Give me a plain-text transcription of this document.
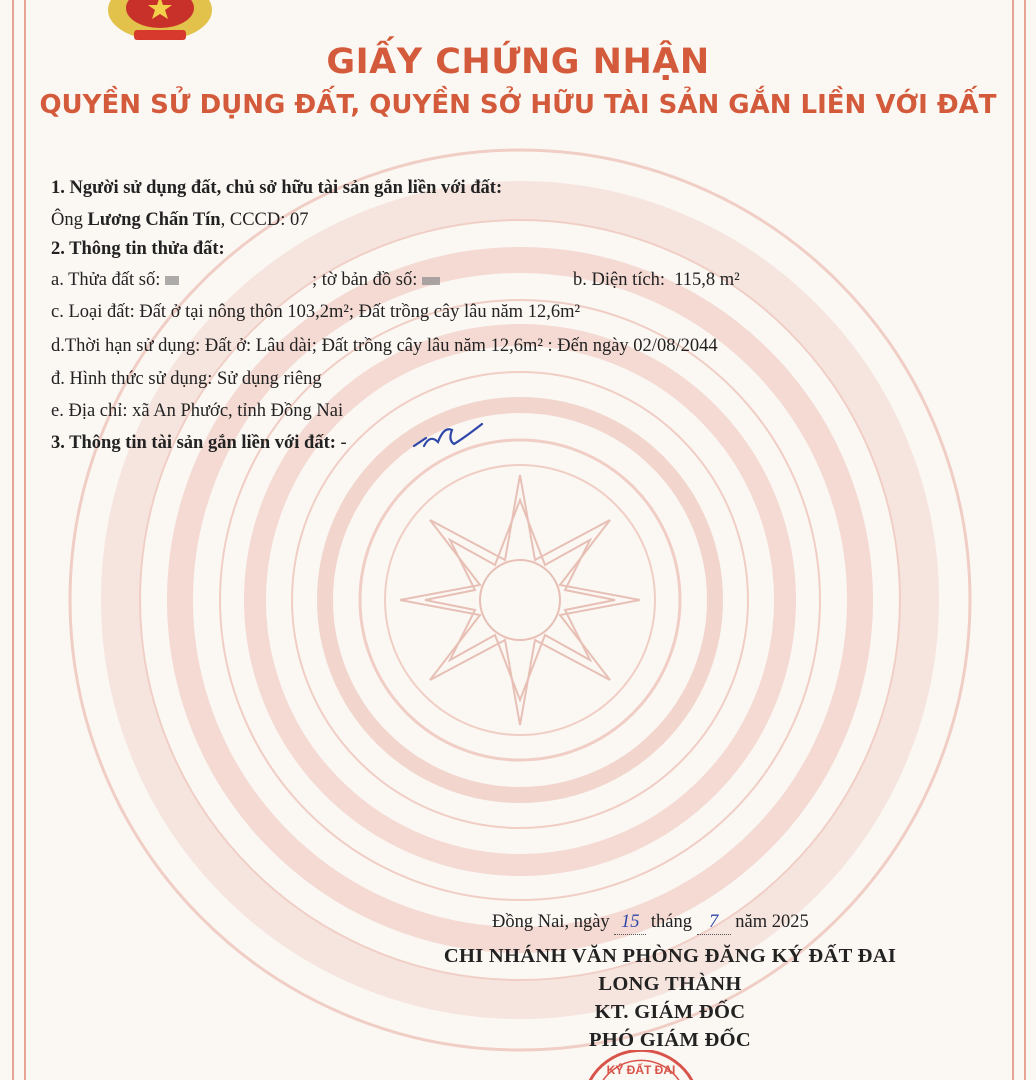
GIẤY CHỨNG NHẬN
QUYỀN SỬ DỤNG ĐẤT, QUYỀN SỞ HỮU TÀI SẢN GẮN LIỀN VỚI ĐẤT
1. Người sử dụng đất, chủ sở hữu tài sản gắn liền với đất:
Ông Lương Chấn Tín, CCCD: 07
2. Thông tin thửa đất:
a. Thửa đất số:	; tờ bản đồ số:	b. Diện tích: 115,8 m²
c. Loại đất: Đất ở tại nông thôn 103,2m²; Đất trồng cây lâu năm 12,6m²
d.Thời hạn sử dụng: Đất ở: Lâu dài; Đất trồng cây lâu năm 12,6m² : Đến ngày 02/08/2044
đ. Hình thức sử dụng: Sử dụng riêng
e. Địa chỉ: xã An Phước, tỉnh Đồng Nai
3. Thông tin tài sản gắn liền với đất: -
Đồng Nai, ngày 15 tháng 7 năm 2025
CHI NHÁNH VĂN PHÒNG ĐĂNG KÝ ĐẤT ĐAI
LONG THÀNH
KT. GIÁM ĐỐC
PHÓ GIÁM ĐỐC
KÝ ĐẤT ĐAI
